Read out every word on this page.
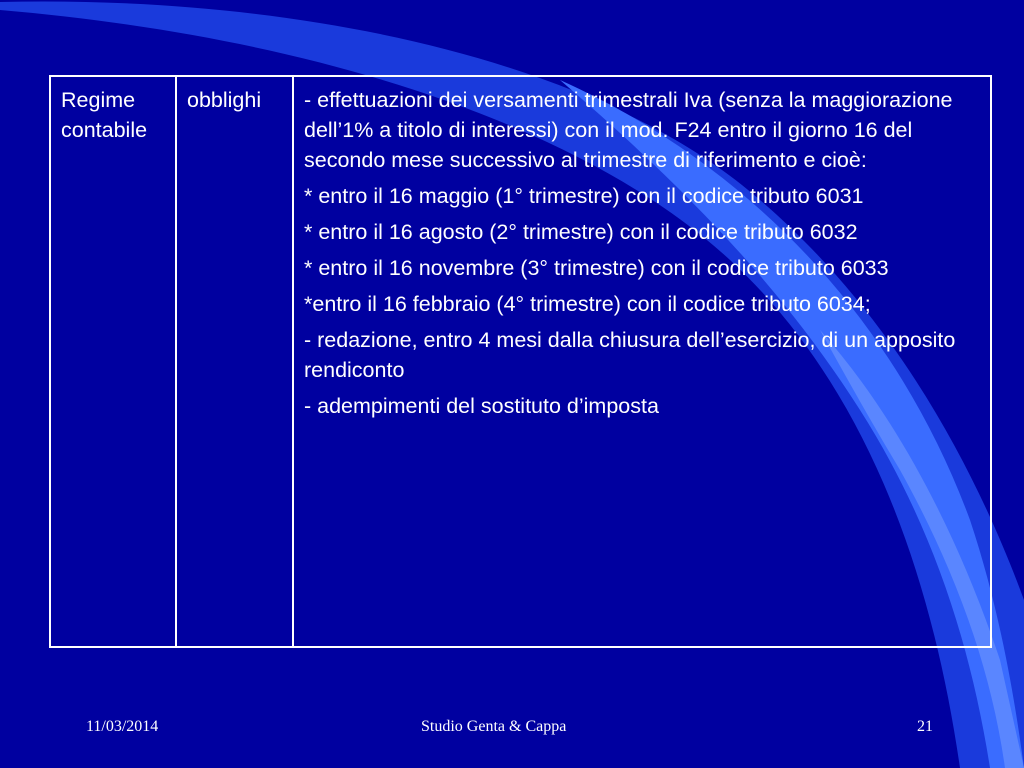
Regime contabile	obblighi	- effettuazioni dei versamenti trimestrali Iva (senza la maggiorazione dell’1% a titolo di interessi) con il mod. F24 entro il giorno 16 del secondo mese successivo al trimestre di riferimento e cioè:

* entro il 16 maggio (1° trimestre) con il codice tributo 6031

* entro il 16 agosto (2° trimestre) con il codice tributo 6032

* entro il 16 novembre (3° trimestre) con il codice tributo 6033

*entro il 16 febbraio (4° trimestre) con il codice tributo 6034;

- redazione, entro 4 mesi dalla chiusura dell’esercizio, di un apposito rendiconto

- adempimenti del sostituto d’imposta

11/03/2014	Studio Genta & Cappa	21
